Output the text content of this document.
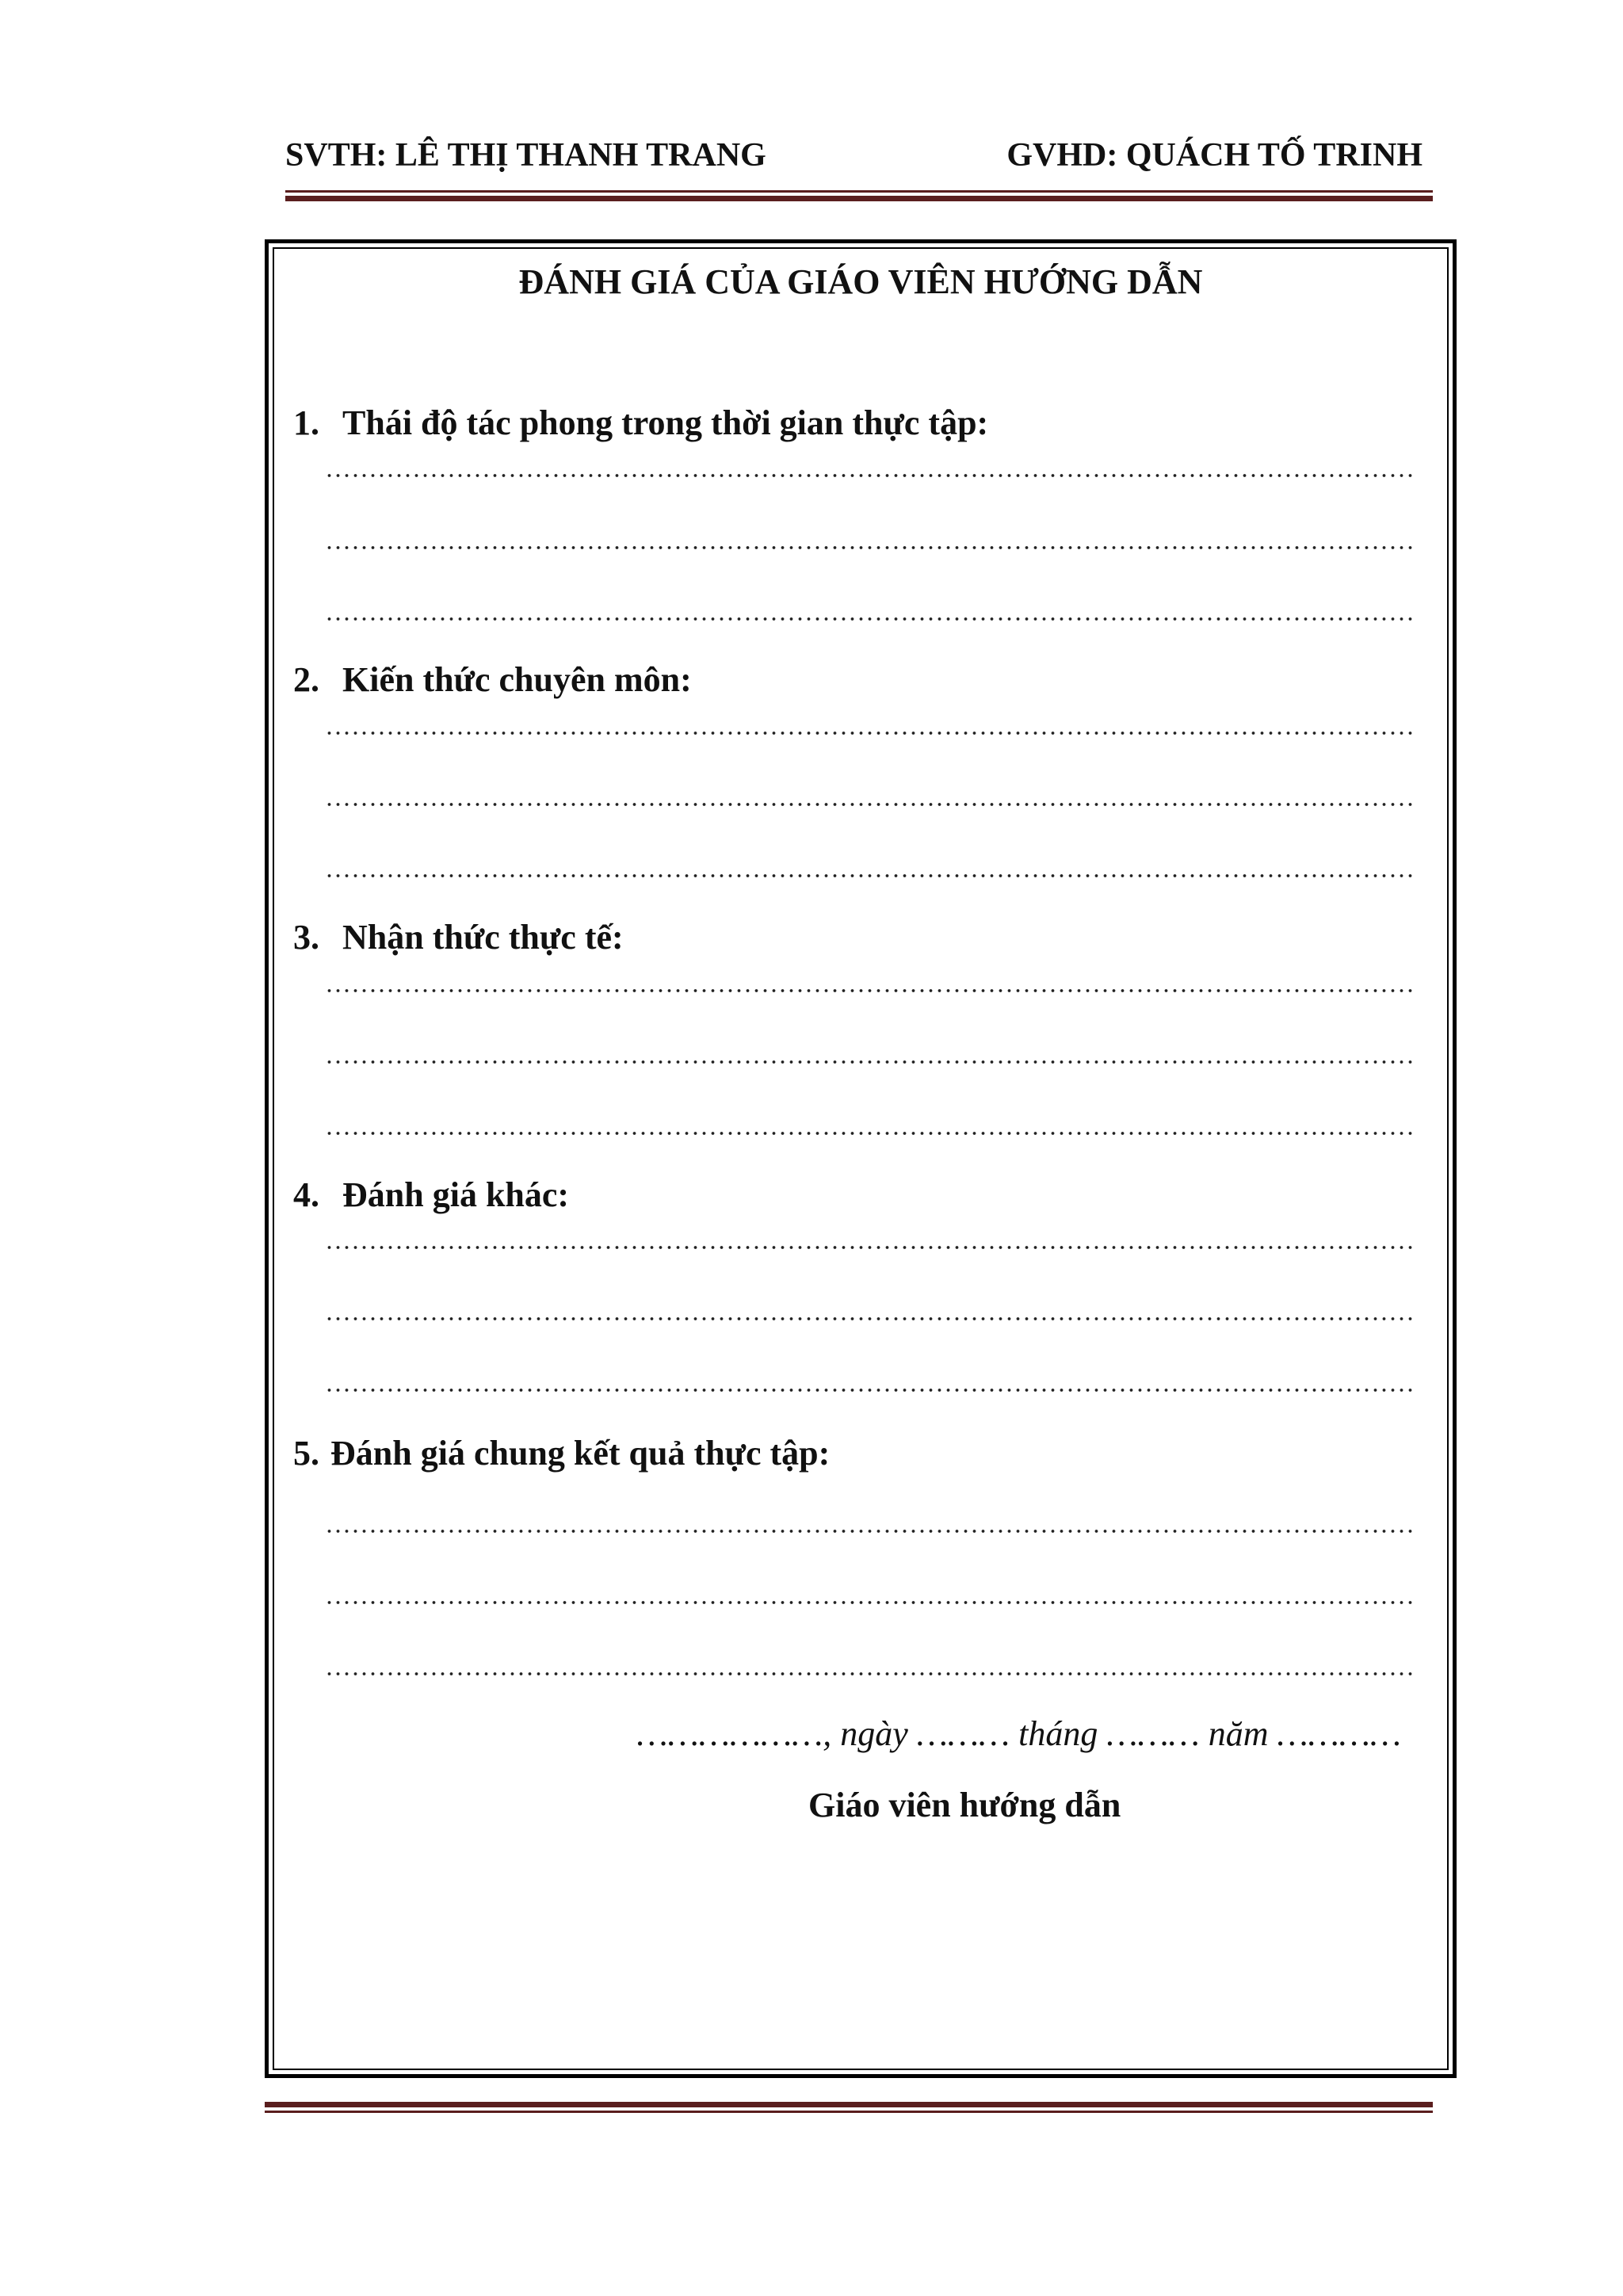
SVTH: LÊ THỊ THANH TRANG	GVHD: QUÁCH TỐ TRINH
ĐÁNH GIÁ CỦA GIÁO VIÊN HƯỚNG DẪN
1. Thái độ tác phong trong thời gian thực tập:
2. Kiến thức chuyên môn:
3. Nhận thức thực tế:
4. Đánh giá khác:
5. Đánh giá chung kết quả thực tập:
………………, ngày ……… tháng ……… năm …………
Giáo viên hướng dẫn
